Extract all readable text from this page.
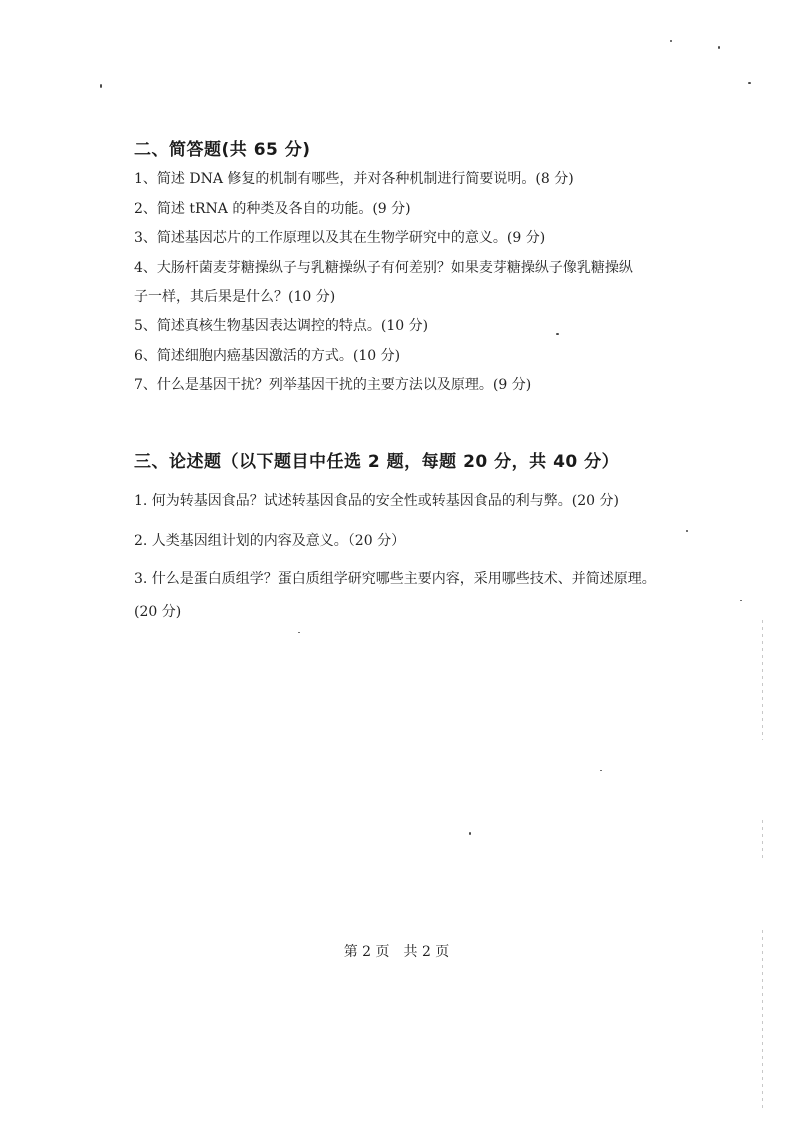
二、简答题(共 65 分)
1、简述 DNA 修复的机制有哪些，并对各种机制进行简要说明。(8 分)
2、简述 tRNA 的种类及各自的功能。(9 分)
3、简述基因芯片的工作原理以及其在生物学研究中的意义。(9 分)
4、大肠杆菌麦芽糖操纵子与乳糖操纵子有何差别？如果麦芽糖操纵子像乳糖操纵
子一样，其后果是什么？(10 分)
5、简述真核生物基因表达调控的特点。(10 分)
6、简述细胞内癌基因激活的方式。(10 分)
7、什么是基因干扰？列举基因干扰的主要方法以及原理。(9 分)
三、论述题（以下题目中任选 2 题，每题 20 分，共 40 分）
1. 何为转基因食品？试述转基因食品的安全性或转基因食品的利与弊。(20 分)
2. 人类基因组计划的内容及意义。（20 分）
3. 什么是蛋白质组学？蛋白质组学研究哪些主要内容，采用哪些技术、并简述原理。
(20 分)
第 2 页 共 2 页
